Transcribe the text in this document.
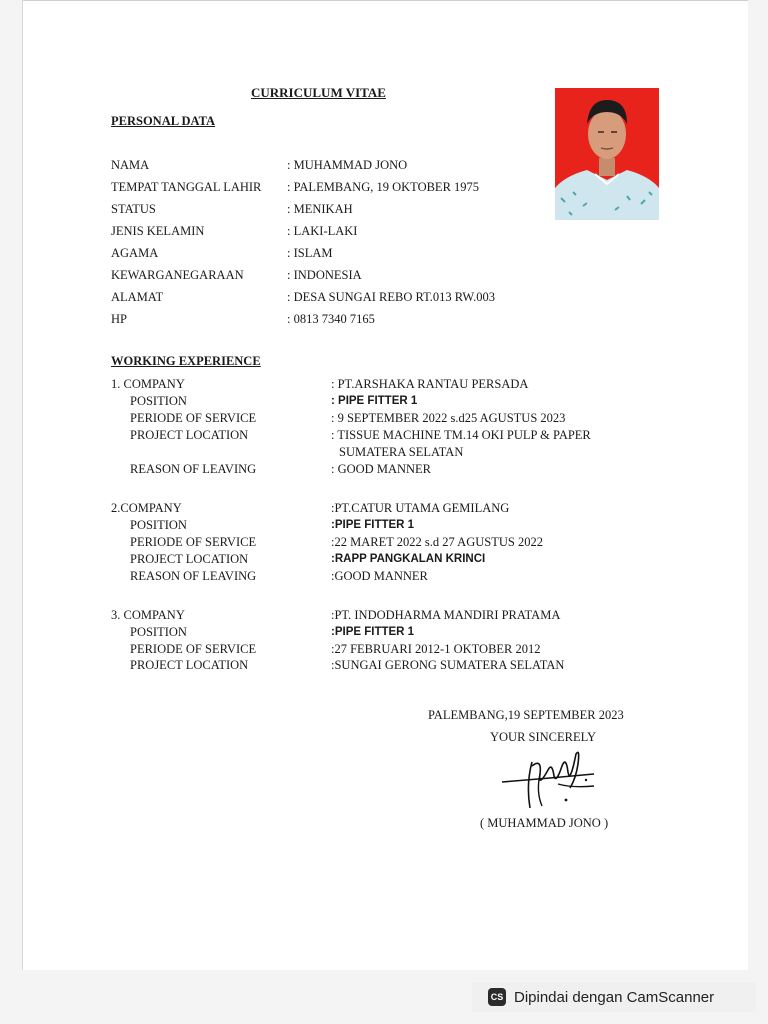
CURRICULUM VITAE
PERSONAL DATA
NAMA	: MUHAMMAD JONO
TEMPAT TANGGAL LAHIR : PALEMBANG, 19 OKTOBER 1975
STATUS	: MENIKAH
JENIS KELAMIN	: LAKI-LAKI
AGAMA	: ISLAM
KEWARGANEGARAAN	: INDONESIA
ALAMAT	: DESA SUNGAI REBO RT.013 RW.003
HP	: 0813 7340 7165
WORKING EXPERIENCE
1. COMPANY	: PT.ARSHAKA RANTAU PERSADA
POSITION	: PIPE FITTER 1
PERIODE OF SERVICE	: 9 SEPTEMBER 2022 s.d25 AGUSTUS 2023
PROJECT LOCATION	: TISSUE MACHINE TM.14 OKI PULP & PAPER
SUMATERA SELATAN
REASON OF LEAVING	: GOOD MANNER
2.COMPANY	:PT.CATUR UTAMA GEMILANG
POSITION	:PIPE FITTER 1
PERIODE OF SERVICE	:22 MARET 2022 s.d 27 AGUSTUS 2022
PROJECT LOCATION	:RAPP PANGKALAN KRINCI
REASON OF LEAVING	:GOOD MANNER
3. COMPANY	:PT. INDODHARMA MANDIRI PRATAMA
POSITION	:PIPE FITTER 1
PERIODE OF SERVICE	:27 FEBRUARI 2012-1 OKTOBER 2012
PROJECT LOCATION	:SUNGAI GERONG SUMATERA SELATAN
PALEMBANG,19 SEPTEMBER 2023
YOUR SINCERELY
( MUHAMMAD JONO )
CS Dipindai dengan CamScanner
